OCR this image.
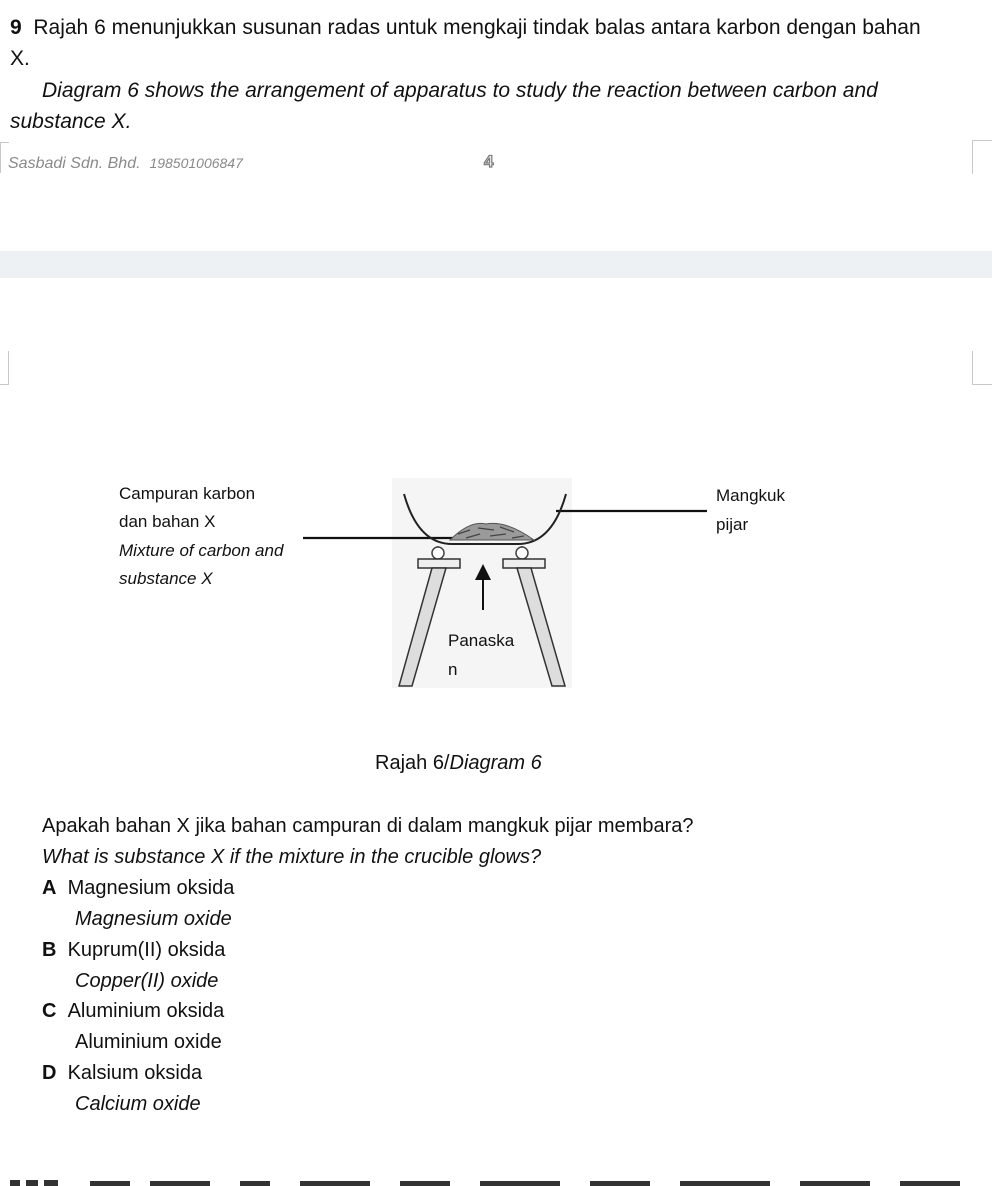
9 Rajah 6 menunjukkan susunan radas untuk mengkaji tindak balas antara karbon dengan bahan
X.
Diagram 6 shows the arrangement of apparatus to study the reaction between carbon and
substance X.
Sasbadi Sdn. Bhd. 198501006847	4
Campuran karbon
dan bahan X
Mixture of carbon and
substance X
Mangkuk
pijar
Panaska
n
Rajah 6/Diagram 6
Apakah bahan X jika bahan campuran di dalam mangkuk pijar membara?
What is substance X if the mixture in the crucible glows?
A Magnesium oksida
Magnesium oxide
B Kuprum(II) oksida
Copper(II) oxide
C Aluminium oksida
Aluminium oxide
D Kalsium oksida
Calcium oxide
